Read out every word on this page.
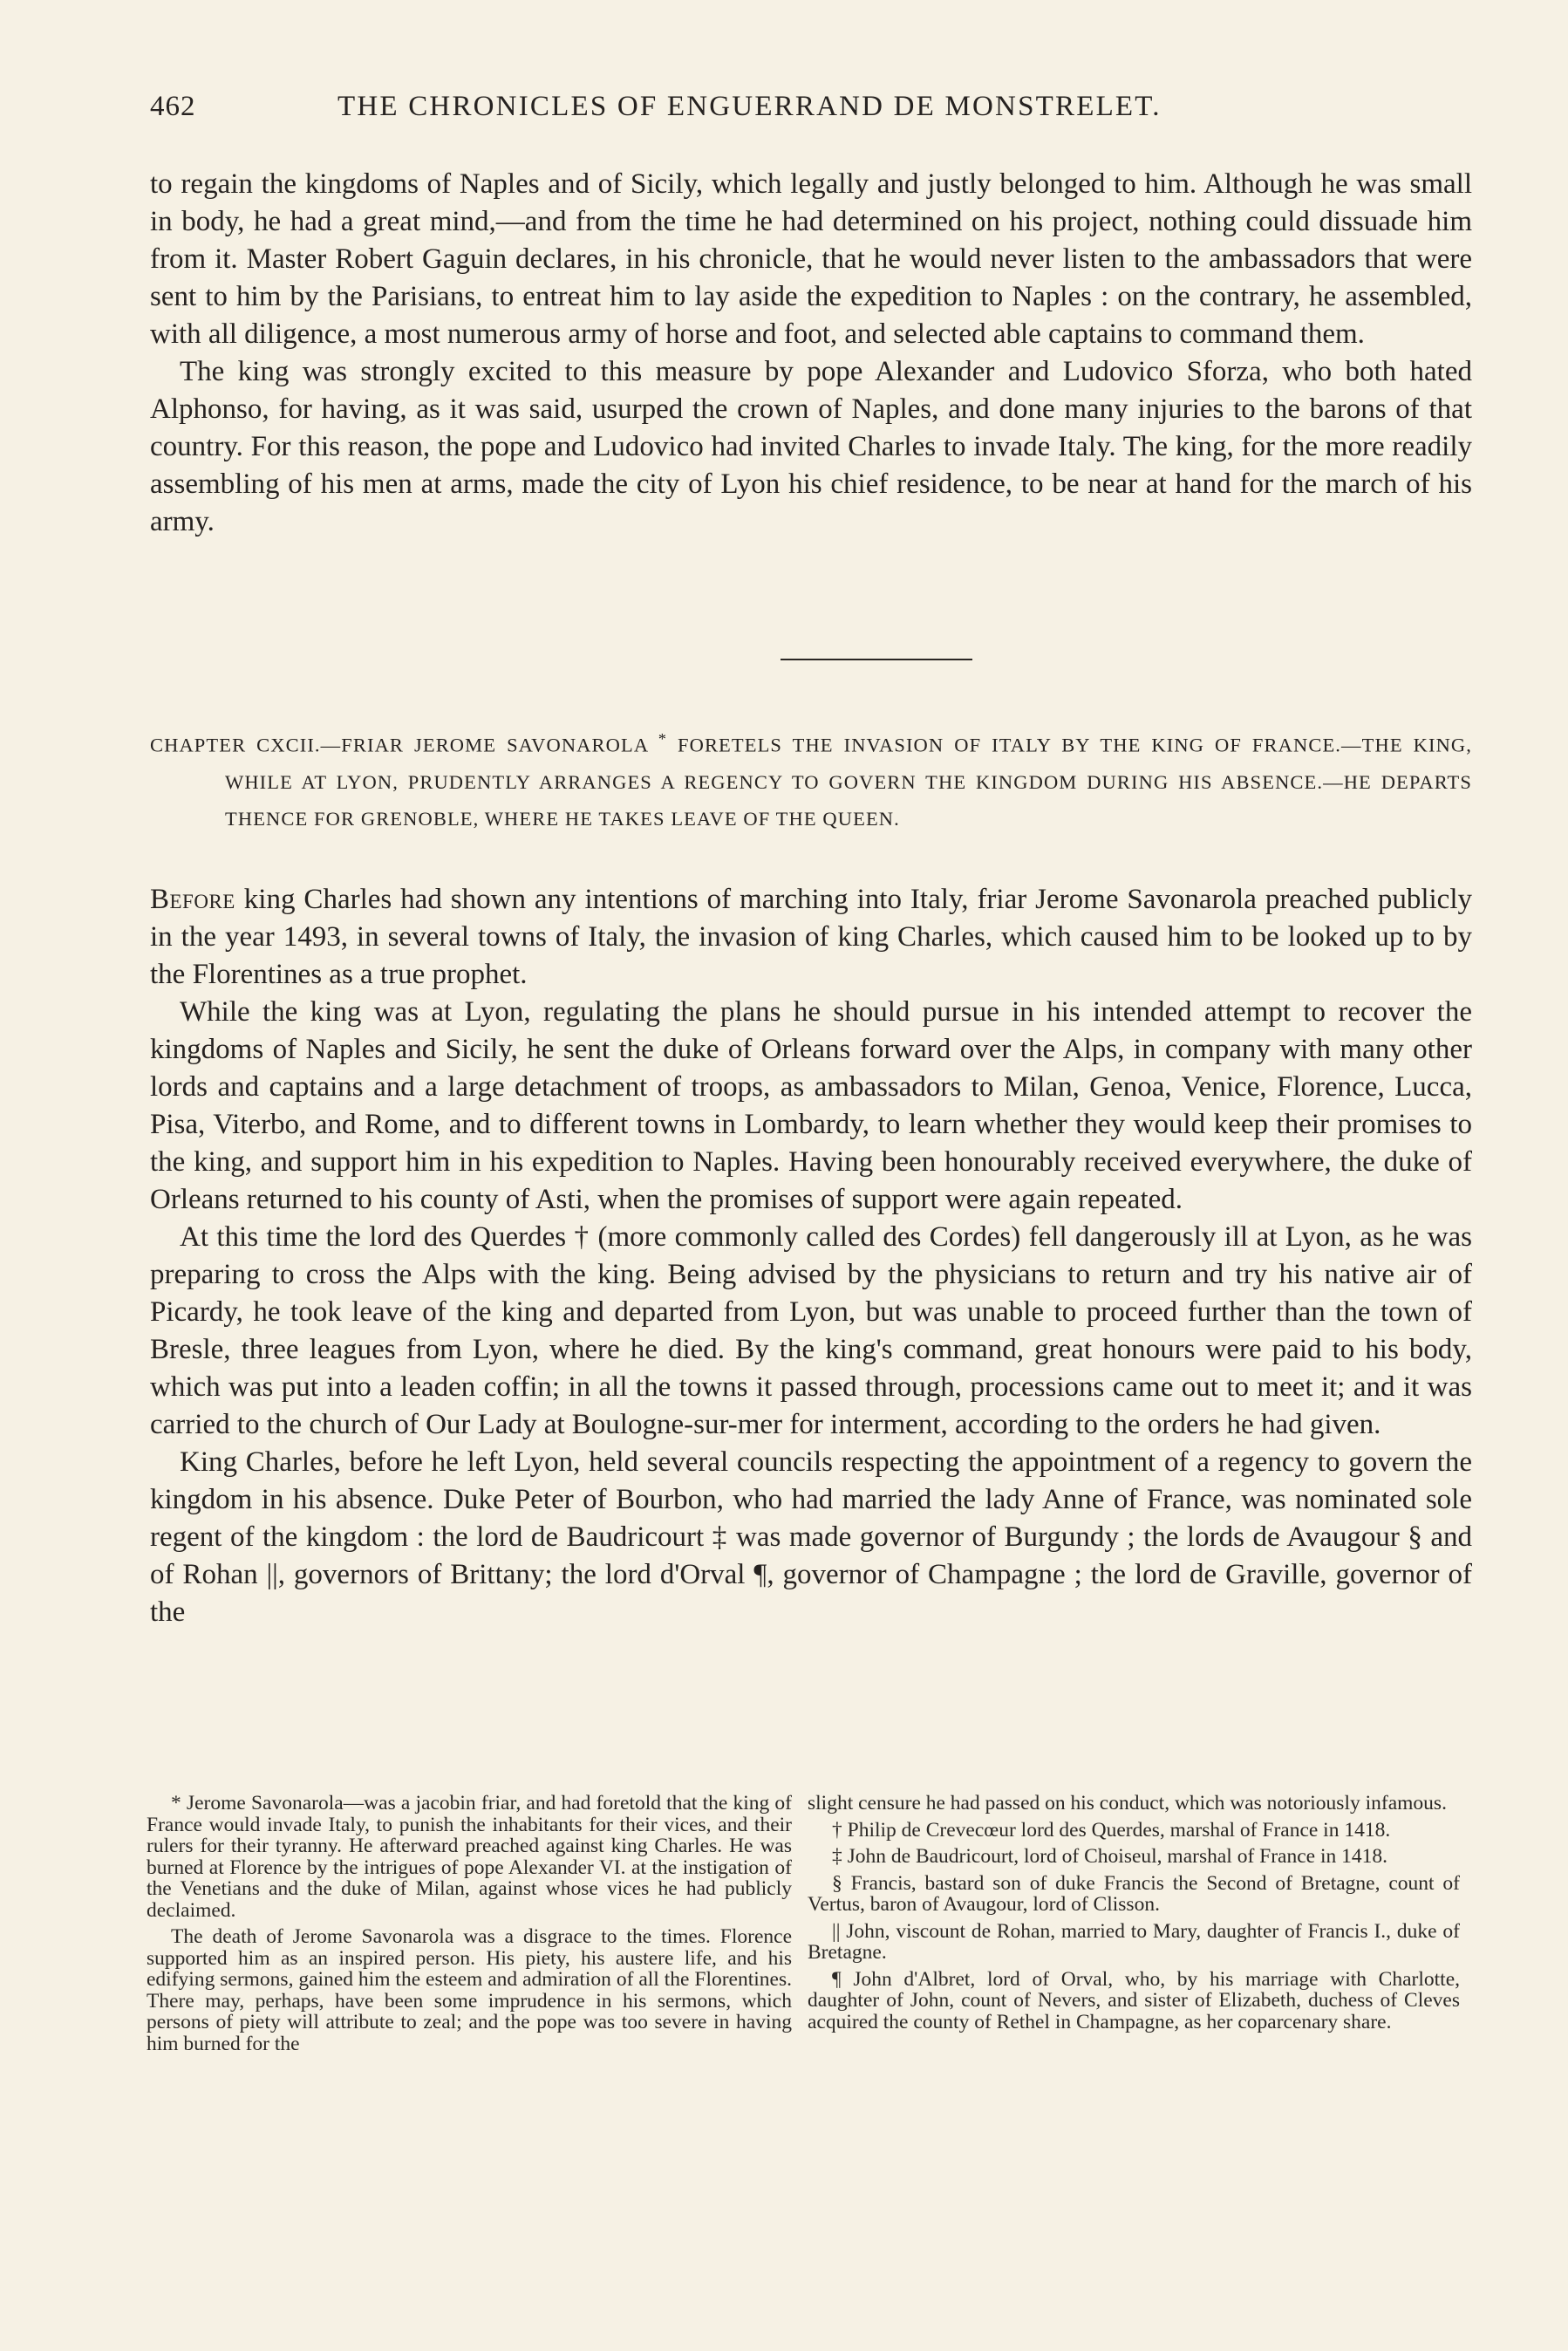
462	THE CHRONICLES OF ENGUERRAND DE MONSTRELET.

to regain the kingdoms of Naples and of Sicily, which legally and justly belonged to him. Although he was small in body, he had a great mind,—and from the time he had determined on his project, nothing could dissuade him from it. Master Robert Gaguin declares, in his chronicle, that he would never listen to the ambassadors that were sent to him by the Parisians, to entreat him to lay aside the expedition to Naples : on the contrary, he assembled, with all diligence, a most numerous army of horse and foot, and selected able captains to command them.

The king was strongly excited to this measure by pope Alexander and Ludovico Sforza, who both hated Alphonso, for having, as it was said, usurped the crown of Naples, and done many injuries to the barons of that country. For this reason, the pope and Ludovico had invited Charles to invade Italy. The king, for the more readily assembling of his men at arms, made the city of Lyon his chief residence, to be near at hand for the march of his army.

CHAPTER CXCII.—FRIAR JEROME SAVONAROLA * FORETELS THE INVASION OF ITALY BY THE KING OF FRANCE.—THE KING, WHILE AT LYON, PRUDENTLY ARRANGES A REGENCY TO GOVERN THE KINGDOM DURING HIS ABSENCE.—HE DEPARTS THENCE FOR GRENOBLE, WHERE HE TAKES LEAVE OF THE QUEEN.

Before king Charles had shown any intentions of marching into Italy, friar Jerome Savonarola preached publicly in the year 1493, in several towns of Italy, the invasion of king Charles, which caused him to be looked up to by the Florentines as a true prophet.

While the king was at Lyon, regulating the plans he should pursue in his intended attempt to recover the kingdoms of Naples and Sicily, he sent the duke of Orleans forward over the Alps, in company with many other lords and captains and a large detachment of troops, as ambassadors to Milan, Genoa, Venice, Florence, Lucca, Pisa, Viterbo, and Rome, and to different towns in Lombardy, to learn whether they would keep their promises to the king, and support him in his expedition to Naples. Having been honourably received everywhere, the duke of Orleans returned to his county of Asti, when the promises of support were again repeated.

At this time the lord des Querdes † (more commonly called des Cordes) fell dangerously ill at Lyon, as he was preparing to cross the Alps with the king. Being advised by the physicians to return and try his native air of Picardy, he took leave of the king and departed from Lyon, but was unable to proceed further than the town of Bresle, three leagues from Lyon, where he died. By the king's command, great honours were paid to his body, which was put into a leaden coffin; in all the towns it passed through, processions came out to meet it; and it was carried to the church of Our Lady at Boulogne-sur-mer for interment, according to the orders he had given.

King Charles, before he left Lyon, held several councils respecting the appointment of a regency to govern the kingdom in his absence. Duke Peter of Bourbon, who had married the lady Anne of France, was nominated sole regent of the kingdom : the lord de Baudricourt ‡ was made governor of Burgundy ; the lords de Avaugour § and of Rohan ||, governors of Brittany; the lord d'Orval ¶, governor of Champagne ; the lord de Graville, governor of the

* Jerome Savonarola—was a jacobin friar, and had foretold that the king of France would invade Italy, to punish the inhabitants for their vices, and their rulers for their tyranny. He afterward preached against king Charles. He was burned at Florence by the intrigues of pope Alexander VI. at the instigation of the Venetians and the duke of Milan, against whose vices he had publicly declaimed.

The death of Jerome Savonarola was a disgrace to the times. Florence supported him as an inspired person. His piety, his austere life, and his edifying sermons, gained him the esteem and admiration of all the Florentines. There may, perhaps, have been some imprudence in his sermons, which persons of piety will attribute to zeal; and the pope was too severe in having him burned for the

slight censure he had passed on his conduct, which was notoriously infamous.

† Philip de Crevecœur lord des Querdes, marshal of France in 1418.

‡ John de Baudricourt, lord of Choiseul, marshal of France in 1418.

§ Francis, bastard son of duke Francis the Second of Bretagne, count of Vertus, baron of Avaugour, lord of Clisson.

|| John, viscount de Rohan, married to Mary, daughter of Francis I., duke of Bretagne.

¶ John d'Albret, lord of Orval, who, by his marriage with Charlotte, daughter of John, count of Nevers, and sister of Elizabeth, duchess of Cleves acquired the county of Rethel in Champagne, as her coparcenary share.
